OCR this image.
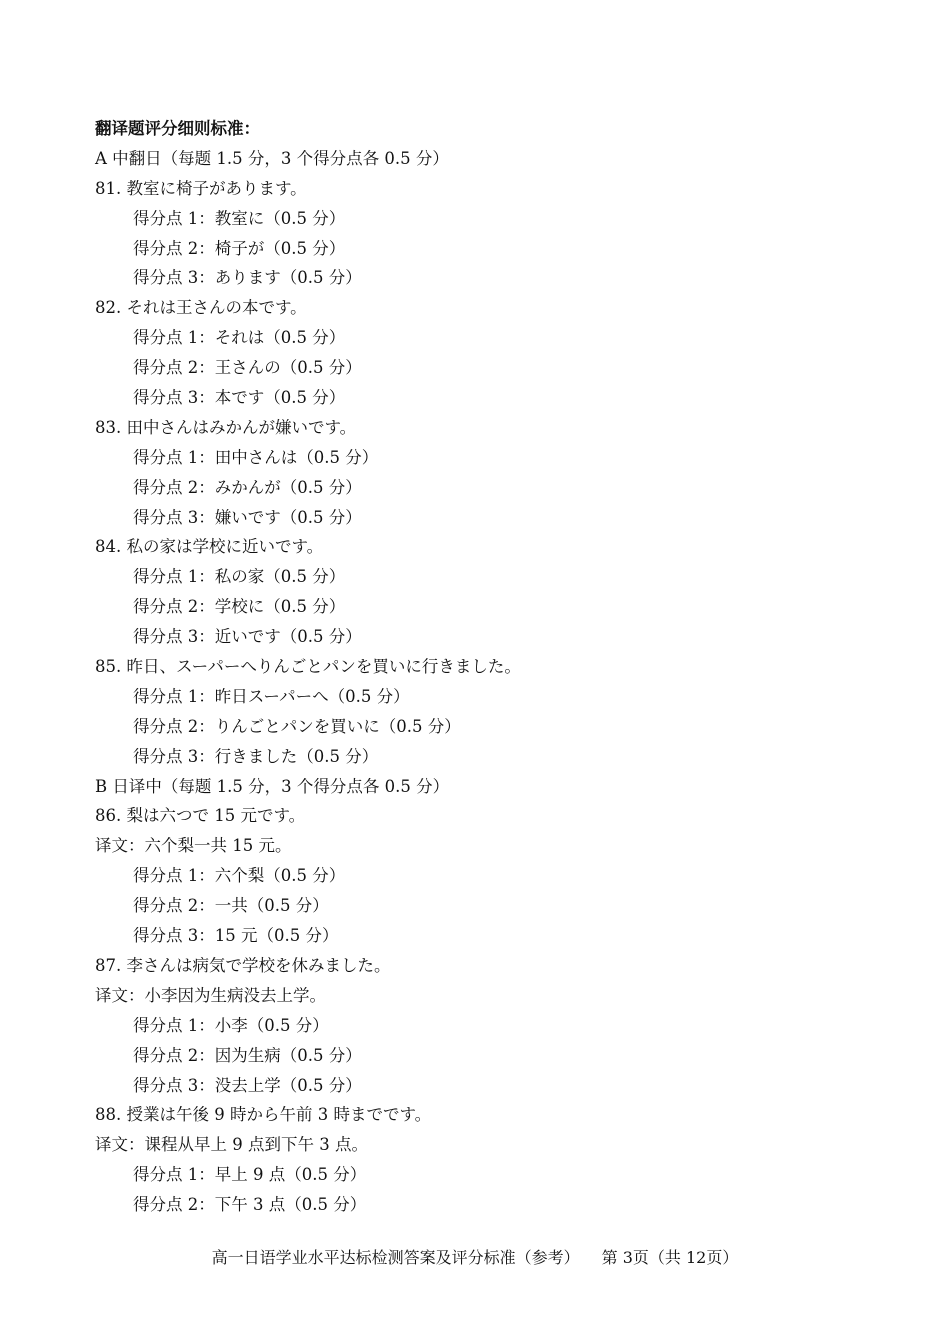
翻译题评分细则标准：
A 中翻日（每题 1.5 分，3 个得分点各 0.5 分）
81. 教室に椅子があります。
得分点 1：教室に（0.5 分）
得分点 2：椅子が（0.5 分）
得分点 3：あります（0.5 分）
82. それは王さんの本です。
得分点 1：それは（0.5 分）
得分点 2：王さんの（0.5 分）
得分点 3：本です（0.5 分）
83. 田中さんはみかんが嫌いです。
得分点 1：田中さんは（0.5 分）
得分点 2：みかんが（0.5 分）
得分点 3：嫌いです（0.5 分）
84. 私の家は学校に近いです。
得分点 1：私の家（0.5 分）
得分点 2：学校に（0.5 分）
得分点 3：近いです（0.5 分）
85. 昨日、スーパーへりんごとパンを買いに行きました。
得分点 1：昨日スーパーへ（0.5 分）
得分点 2：りんごとパンを買いに（0.5 分）
得分点 3：行きました（0.5 分）
B 日译中（每题 1.5 分，3 个得分点各 0.5 分）
86. 梨は六つで 15 元です。
译文：六个梨一共 15 元。
得分点 1：六个梨（0.5 分）
得分点 2：一共（0.5 分）
得分点 3：15 元（0.5 分）
87. 李さんは病気で学校を休みました。
译文：小李因为生病没去上学。
得分点 1：小李（0.5 分）
得分点 2：因为生病（0.5 分）
得分点 3：没去上学（0.5 分）
88. 授業は午後 9 時から午前 3 時までです。
译文：课程从早上 9 点到下午 3 点。
得分点 1：早上 9 点（0.5 分）
得分点 2：下午 3 点（0.5 分）
高一日语学业水平达标检测答案及评分标准（参考） 第 3页（共 12页）
